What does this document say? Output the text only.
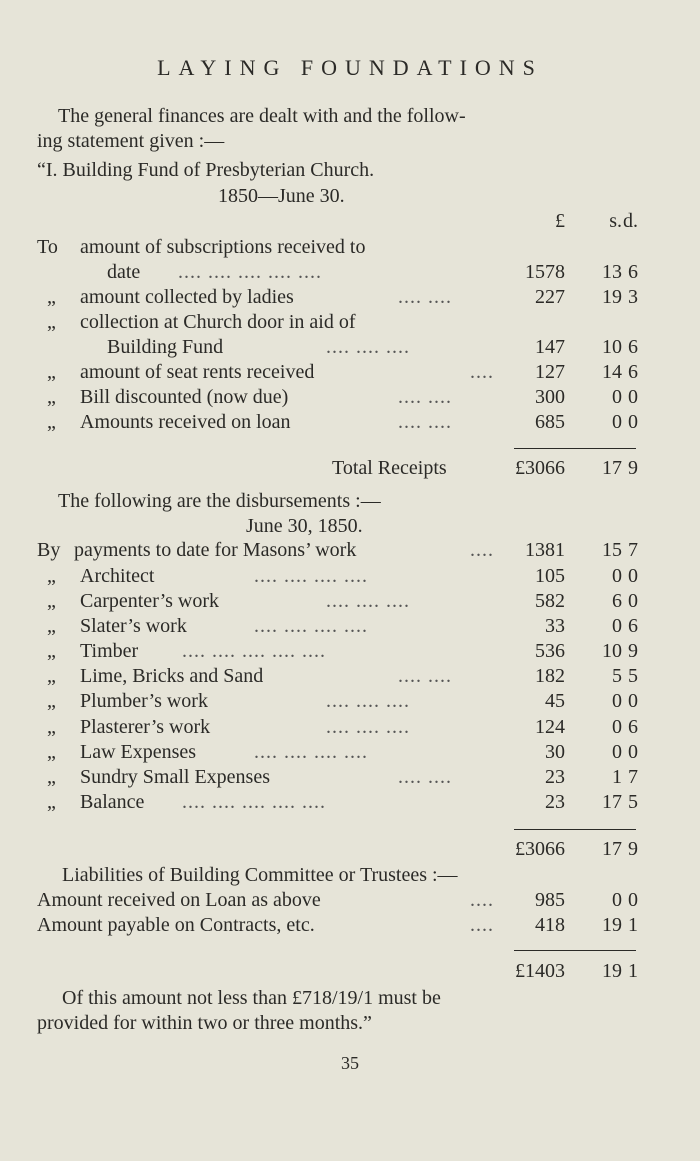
LAYING FOUNDATIONS
The general finances are dealt with and the follow-
ing statement given :—
“I. Building Fund of Presbyterian Church.
1850—June 30.
£ s. d.
To amount of subscriptions received to
date .... .... .... .... ....	1578 13 6
„ amount collected by ladies	.... ....	227 19 3
„ collection at Church door in aid of
Building Fund	.... .... ....	147 10 6
„ amount of seat rents received	.... 127 14 6
„ Bill discounted (now due)	.... ....	300 0 0
„ Amounts received on loan	.... ....	685 0 0
Total Receipts	£3066 17 9
The following are the disbursements :—
June 30, 1850.
By payments to date for Masons’ work	.... 1381 15 7
„ Architect	.... .... .... ....	105 0 0
„ Carpenter’s work	.... .... ....	582 6 0
„ Slater’s work	.... .... .... ....	33 0 6
„ Timber .... .... .... .... ....	536 10 9
„ Lime, Bricks and Sand	.... ....	182 5 5
„ Plumber’s work	.... .... ....	45 0 0
„ Plasterer’s work	.... .... ....	124 0 6
„ Law Expenses	.... .... .... ....	30 0 0
„ Sundry Small Expenses	.... ....	23 1 7
„ Balance .... .... .... .... ....	23 17 5
£3066 17 9
Liabilities of Building Committee or Trustees :—
Amount received on Loan as above	.... 985 0 0
Amount payable on Contracts, etc.	.... 418 19 1
£1403 19 1
Of this amount not less than £718/19/1 must be
provided for within two or three months.”
35
